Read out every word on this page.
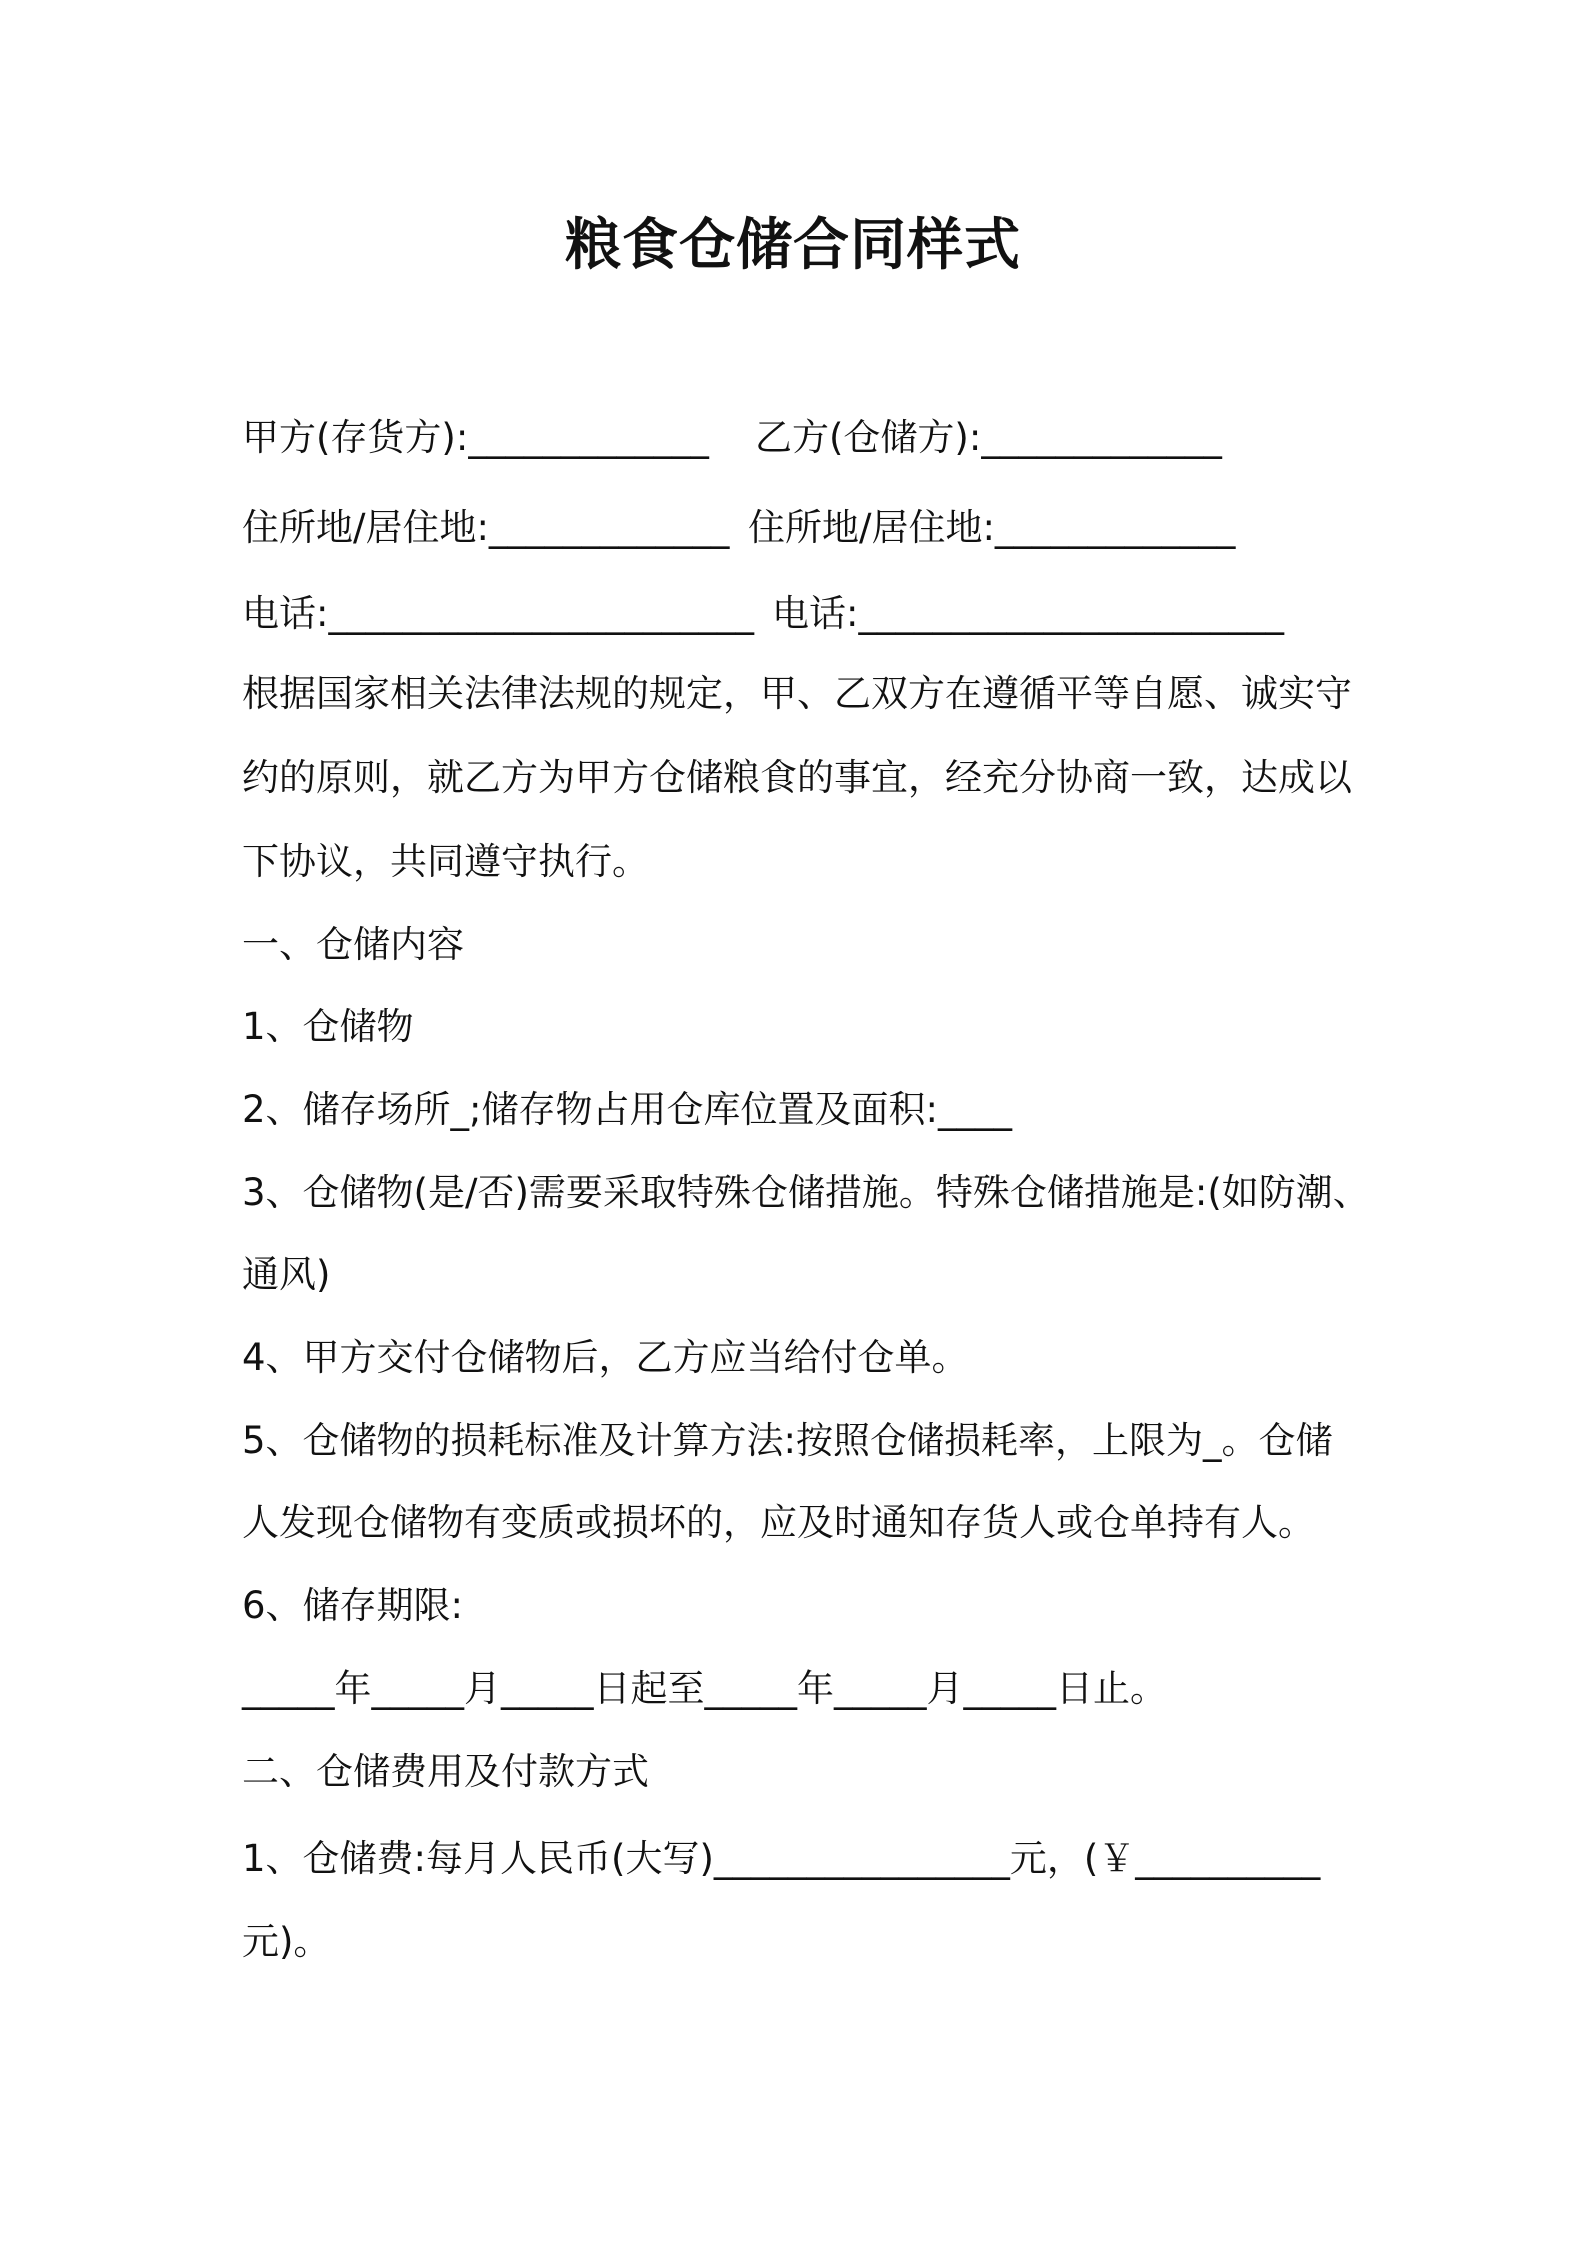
粮食仓储合同样式
甲方(存货方):_____________ 乙方(仓储方):_____________
住所地/居住地:_____________ 住所地/居住地:_____________
电话:_______________________ 电话:_______________________
根据国家相关法律法规的规定，甲、乙双方在遵循平等自愿、诚实守
约的原则，就乙方为甲方仓储粮食的事宜，经充分协商一致，达成以
下协议，共同遵守执行。
一、仓储内容
1、仓储物
2、储存场所_;储存物占用仓库位置及面积:____
3、仓储物(是/否)需要采取特殊仓储措施。特殊仓储措施是:(如防潮、
通风)
4、甲方交付仓储物后，乙方应当给付仓单。
5、仓储物的损耗标准及计算方法:按照仓储损耗率，上限为_。仓储
人发现仓储物有变质或损坏的，应及时通知存货人或仓单持有人。
6、储存期限:
_____年_____月_____日起至_____年_____月_____日止。
二、仓储费用及付款方式
1、仓储费:每月人民币(大写)________________元，(￥__________
元)。
